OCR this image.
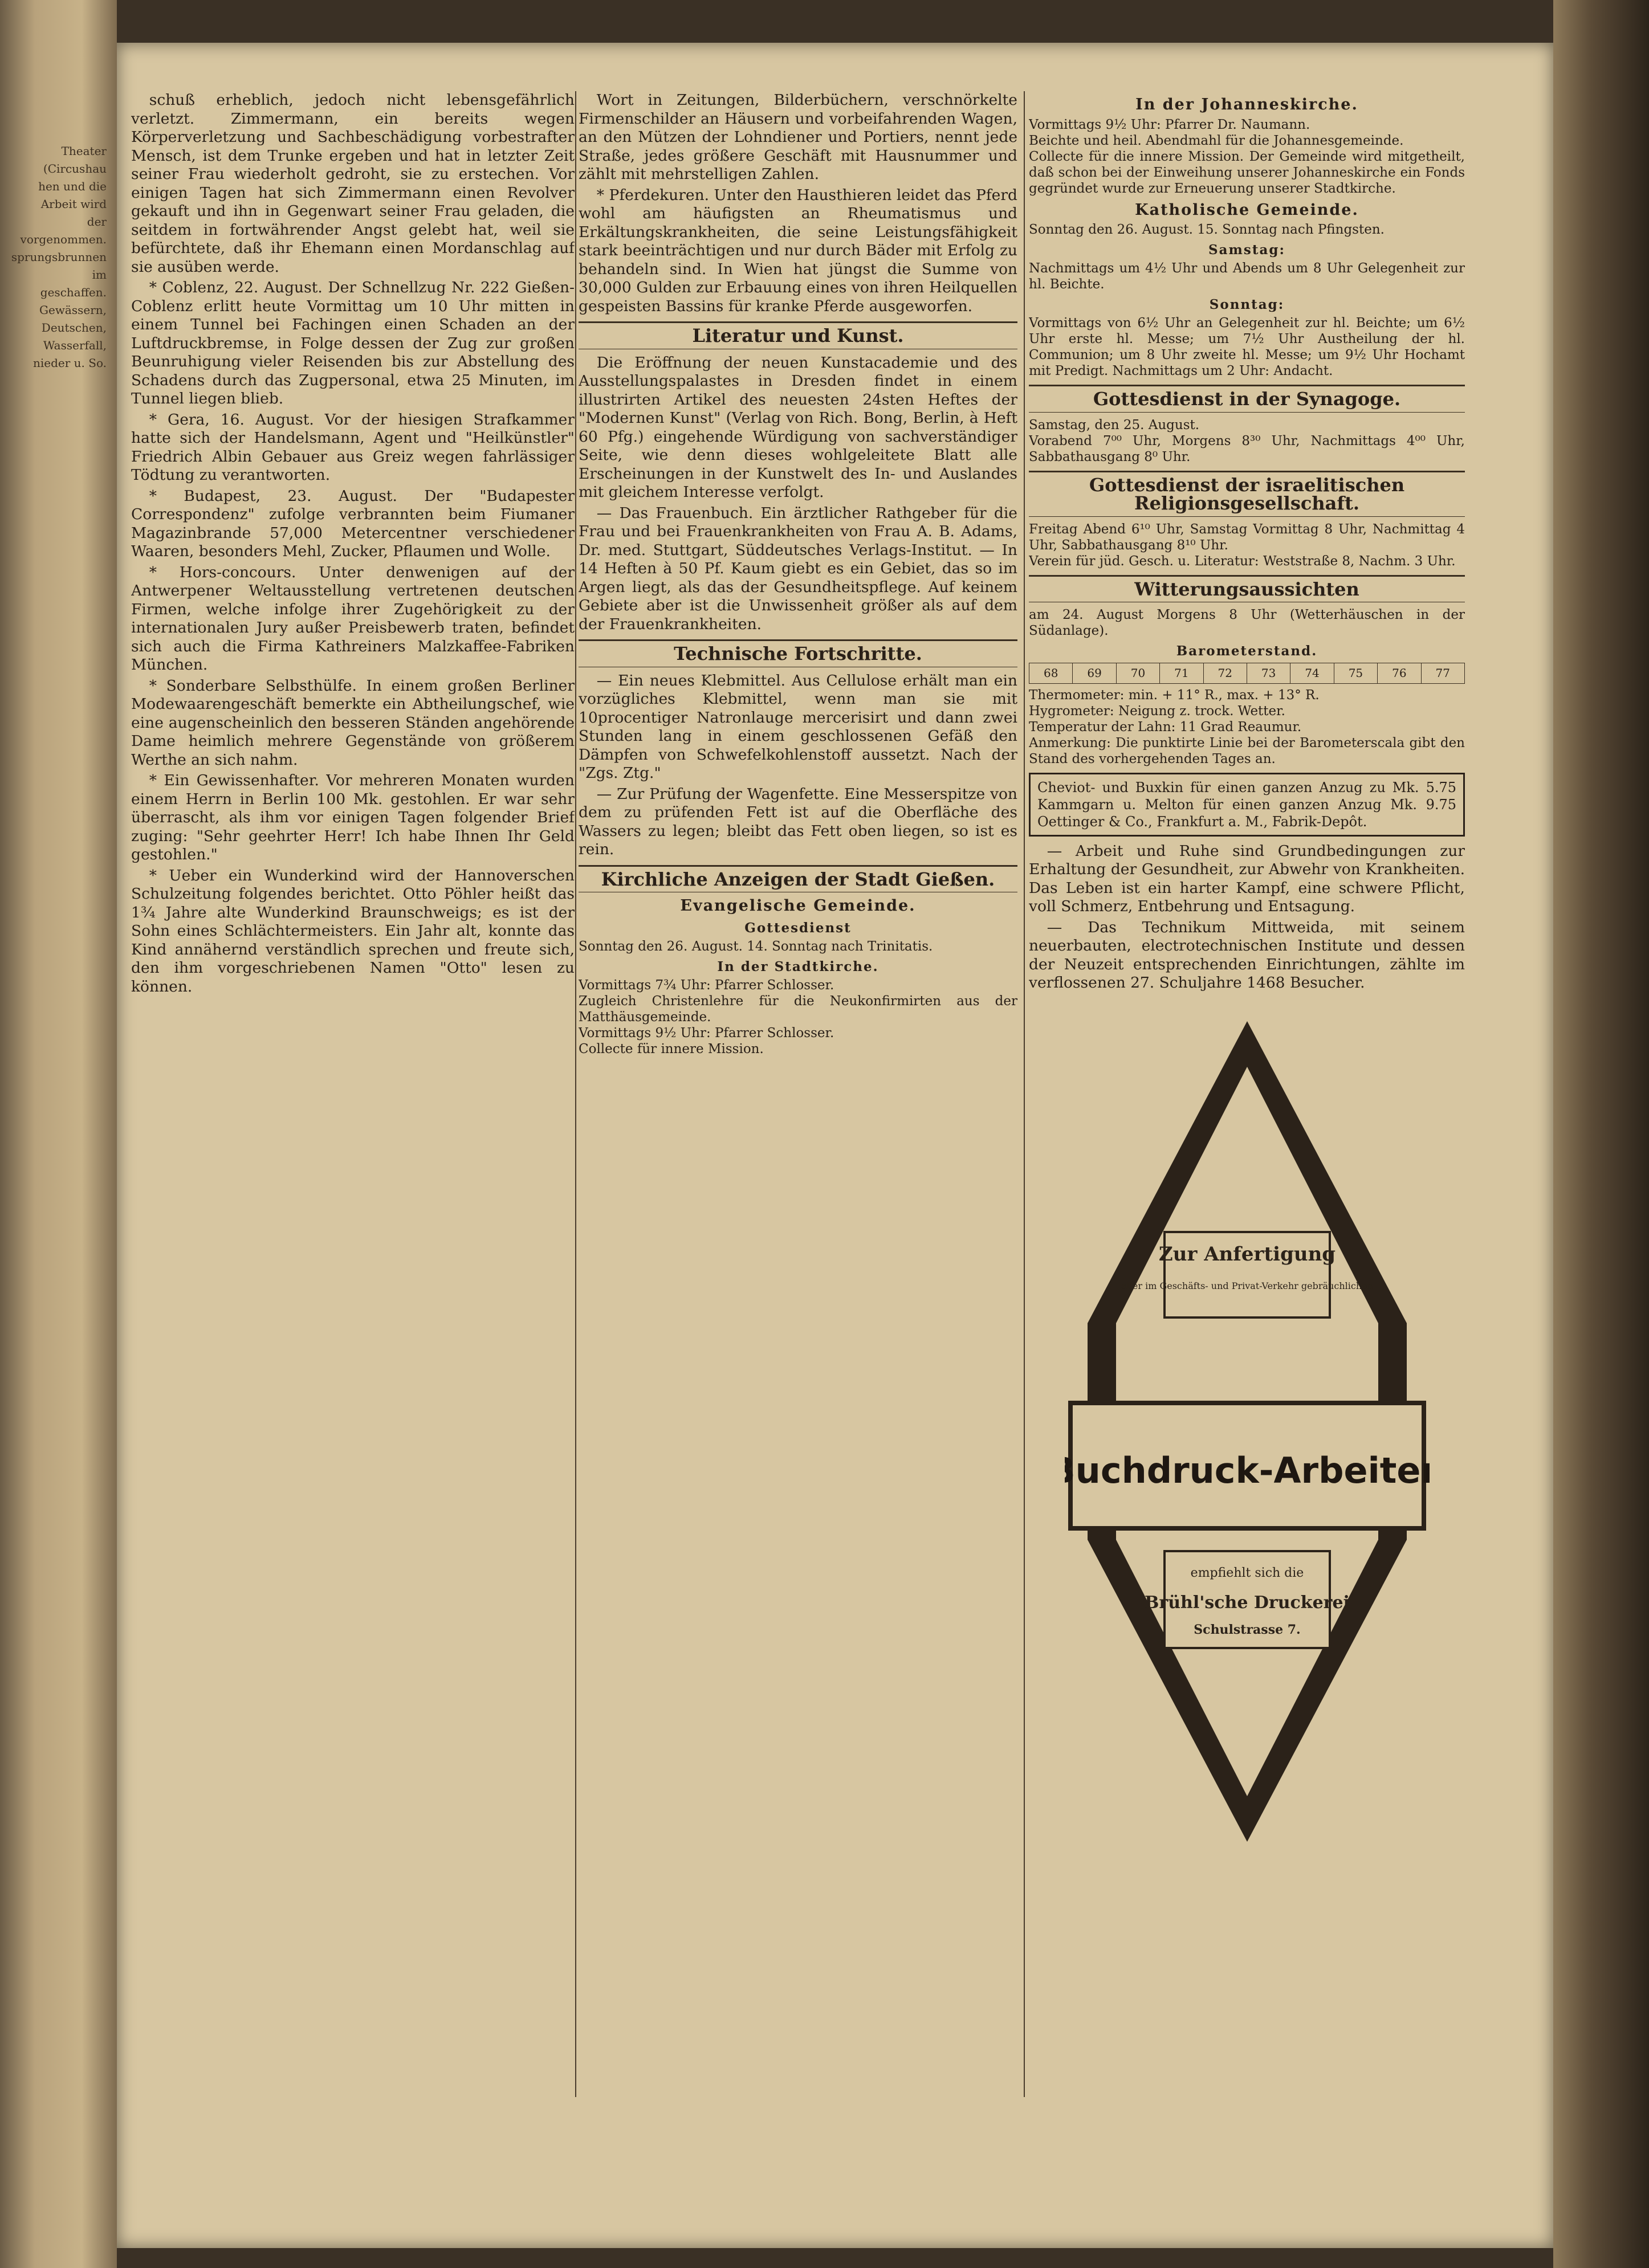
Theater (Circushau
hen und die
Arbeit wird
der vorgenommen.
sprungsbrunnen im
geschaffen.
Gewässern,
Deutschen,
Wasserfall,
nieder u. So.

schuß erheblich, jedoch nicht lebensgefährlich verletzt. Zimmermann, ein bereits wegen Körperverletzung und Sachbeschädigung vorbestrafter Mensch, ist dem Trunke ergeben und hat in letzter Zeit seiner Frau wiederholt gedroht, sie zu erstechen. Vor einigen Tagen hat sich Zimmermann einen Revolver gekauft und ihn in Gegenwart seiner Frau geladen, die seitdem in fortwährender Angst gelebt hat, weil sie befürchtete, daß ihr Ehemann einen Mordanschlag auf sie ausüben werde.

* Coblenz, 22. August. Der Schnellzug Nr. 222 Gießen-Coblenz erlitt heute Vormittag um 10 Uhr mitten in einem Tunnel bei Fachingen einen Schaden an der Luftdruckbremse, in Folge dessen der Zug zur großen Beunruhigung vieler Reisenden bis zur Abstellung des Schadens durch das Zugpersonal, etwa 25 Minuten, im Tunnel liegen blieb.

* Gera, 16. August. Vor der hiesigen Strafkammer hatte sich der Handelsmann, Agent und "Heilkünstler" Friedrich Albin Gebauer aus Greiz wegen fahrlässiger Tödtung zu verantworten.

* Budapest, 23. August. Der "Budapester Correspondenz" zufolge verbrannten beim Fiumaner Magazinbrande 57,000 Metercentner verschiedener Waaren, besonders Mehl, Zucker, Pflaumen und Wolle.

* Hors-concours. Unter denwenigen auf der Antwerpener Weltausstellung vertretenen deutschen Firmen, welche infolge ihrer Zugehörigkeit zu der internationalen Jury außer Preisbewerb traten, befindet sich auch die Firma Kathreiners Malzkaffee-Fabriken München.

* Sonderbare Selbsthülfe. In einem großen Berliner Modewaarengeschäft bemerkte ein Abtheilungschef, wie eine augenscheinlich den besseren Ständen angehörende Dame heimlich mehrere Gegenstände von größerem Werthe an sich nahm.

* Ein Gewissenhafter. Vor mehreren Monaten wurden einem Herrn in Berlin 100 Mk. gestohlen. Er war sehr überrascht, als ihm vor einigen Tagen folgender Brief zuging: "Sehr geehrter Herr! Ich habe Ihnen Ihr Geld gestohlen."

* Ueber ein Wunderkind wird der Hannoverschen Schulzeitung folgendes berichtet. Otto Pöhler heißt das 1¾ Jahre alte Wunderkind Braunschweigs; es ist der Sohn eines Schlächtermeisters. Ein Jahr alt, konnte das Kind annähernd verständlich sprechen und freute sich, den ihm vorgeschriebenen Namen "Otto" lesen zu können.

Wort in Zeitungen, Bilderbüchern, verschnörkelte Firmenschilder an Häusern und vorbeifahrenden Wagen, an den Mützen der Lohndiener und Portiers, nennt jede Straße, jedes größere Geschäft mit Hausnummer und zählt mit mehrstelligen Zahlen.

* Pferdekuren. Unter den Hausthieren leidet das Pferd wohl am häufigsten an Rheumatismus und Erkältungskrankheiten, die seine Leistungsfähigkeit stark beeinträchtigen und nur durch Bäder mit Erfolg zu behandeln sind. In Wien hat jüngst die Summe von 30,000 Gulden zur Erbauung eines von ihren Heilquellen gespeisten Bassins für kranke Pferde ausgeworfen.

Literatur und Kunst.

Die Eröffnung der neuen Kunstacademie und des Ausstellungspalastes in Dresden findet in einem illustrirten Artikel des neuesten 24sten Heftes der "Modernen Kunst" (Verlag von Rich. Bong, Berlin, à Heft 60 Pfg.) eingehende Würdigung von sachverständiger Seite, wie denn dieses wohlgeleitete Blatt alle Erscheinungen in der Kunstwelt des In- und Auslandes mit gleichem Interesse verfolgt.

— Das Frauenbuch. Ein ärztlicher Rathgeber für die Frau und bei Frauenkrankheiten von Frau A. B. Adams, Dr. med. Stuttgart, Süddeutsches Verlags-Institut. — In 14 Heften à 50 Pf. Kaum giebt es ein Gebiet, das so im Argen liegt, als das der Gesundheitspflege. Auf keinem Gebiete aber ist die Unwissenheit größer als auf dem der Frauenkrankheiten.

Technische Fortschritte.

— Ein neues Klebmittel. Aus Cellulose erhält man ein vorzügliches Klebmittel, wenn man sie mit 10procentiger Natronlauge mercerisirt und dann zwei Stunden lang in einem geschlossenen Gefäß den Dämpfen von Schwefelkohlenstoff aussetzt. Nach der "Zgs. Ztg."

— Zur Prüfung der Wagenfette. Eine Messerspitze von dem zu prüfenden Fett ist auf die Oberfläche des Wassers zu legen; bleibt das Fett oben liegen, so ist es rein.

Kirchliche Anzeigen der Stadt Gießen.
Evangelische Gemeinde.
Gottesdienst
Sonntag den 26. August. 14. Sonntag nach Trinitatis.
In der Stadtkirche.
Vormittags 7¾ Uhr: Pfarrer Schlosser.
Zugleich Christenlehre für die Neukonfirmirten aus der Matthäusgemeinde.
Vormittags 9½ Uhr: Pfarrer Schlosser.
Collecte für innere Mission.
In der Johanneskirche.
Vormittags 9½ Uhr: Pfarrer Dr. Naumann.
Beichte und heil. Abendmahl für die Johannesgemeinde.
Collecte für die innere Mission. Der Gemeinde wird mitgetheilt, daß schon bei der Einweihung unserer Johanneskirche ein Fonds gegründet wurde zur Erneuerung unserer Stadtkirche.
Katholische Gemeinde.
Sonntag den 26. August. 15. Sonntag nach Pfingsten.
Samstag:
Nachmittags um 4½ Uhr und Abends um 8 Uhr Gelegenheit zur hl. Beichte.
Sonntag:
Vormittags von 6½ Uhr an Gelegenheit zur hl. Beichte; um 6½ Uhr erste hl. Messe; um 7½ Uhr Austheilung der hl. Communion; um 8 Uhr zweite hl. Messe; um 9½ Uhr Hochamt mit Predigt. Nachmittags um 2 Uhr: Andacht.
Gottesdienst in der Synagoge.
Samstag, den 25. August.
Vorabend 7⁰⁰ Uhr, Morgens 8³⁰ Uhr, Nachmittags 4⁰⁰ Uhr, Sabbathausgang 8⁰ Uhr.
Gottesdienst der israelitischen Religionsgesellschaft.
Freitag Abend 6¹⁰ Uhr, Samstag Vormittag 8 Uhr, Nachmittag 4 Uhr, Sabbathausgang 8¹⁰ Uhr.
Verein für jüd. Gesch. u. Literatur: Weststraße 8, Nachm. 3 Uhr.
Witterungsaussichten
am 24. August Morgens 8 Uhr (Wetterhäuschen in der Südanlage).
Barometerstand.
68	69	70	71	72	73	74	75	76	77
Thermometer: min. + 11° R., max. + 13° R.
Hygrometer: Neigung z. trock. Wetter.
Temperatur der Lahn: 11 Grad Reaumur.
Anmerkung: Die punktirte Linie bei der Barometerscala gibt den Stand des vorhergehenden Tages an.
Cheviot- und Buxkin für einen ganzen Anzug zu Mk. 5.75 Kammgarn u. Melton für einen ganzen Anzug Mk. 9.75 Oettinger & Co., Frankfurt a. M., Fabrik-Depôt.

— Arbeit und Ruhe sind Grundbedingungen zur Erhaltung der Gesundheit, zur Abwehr von Krankheiten. Das Leben ist ein harter Kampf, eine schwere Pflicht, voll Schmerz, Entbehrung und Entsagung.

— Das Technikum Mittweida, mit seinem neuerbauten, electrotechnischen Institute und dessen der Neuzeit entsprechenden Einrichtungen, zählte im verflossenen 27. Schuljahre 1468 Besucher.

Zur Anfertigung
aller im Geschäfts- und Privat-Verkehr gebräuchlichen
Buchdruck-Arbeiten
empfiehlt sich die
Brühl'sche Druckerei
Schulstrasse 7.
